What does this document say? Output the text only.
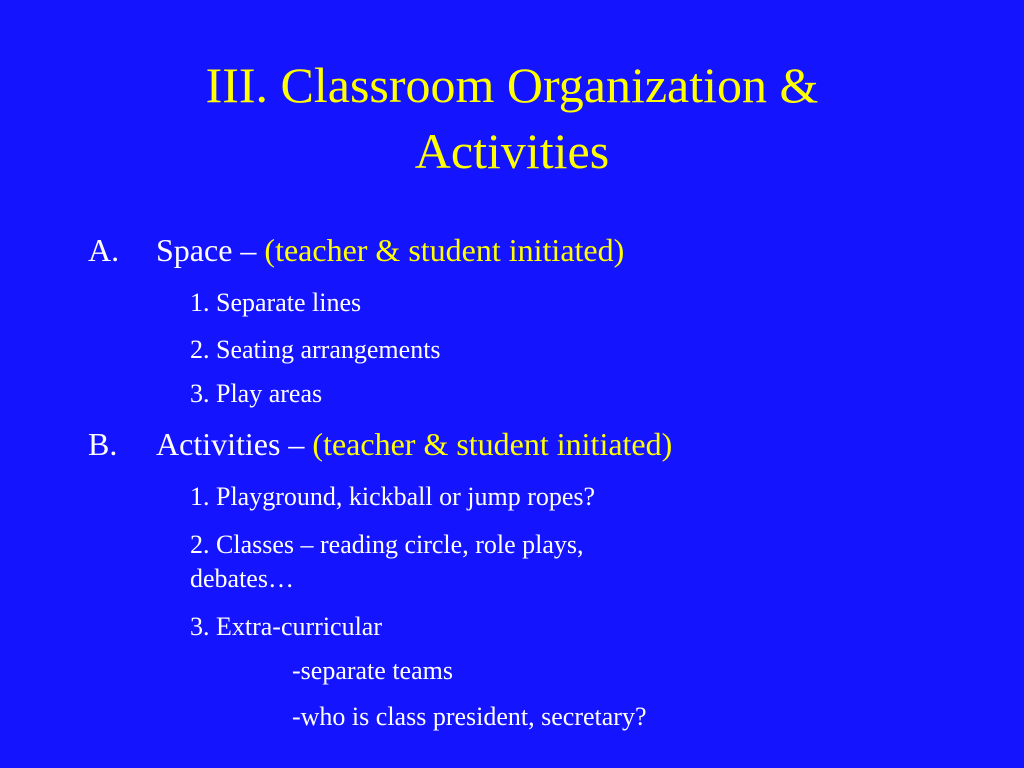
III. Classroom Organization &
Activities
A. Space – (teacher & student initiated)
1. Separate lines
2. Seating arrangements
3. Play areas
B. Activities – (teacher & student initiated)
1. Playground, kickball or jump ropes?
2. Classes – reading circle, role plays,
debates…
3. Extra-curricular
-separate teams
-who is class president, secretary?
